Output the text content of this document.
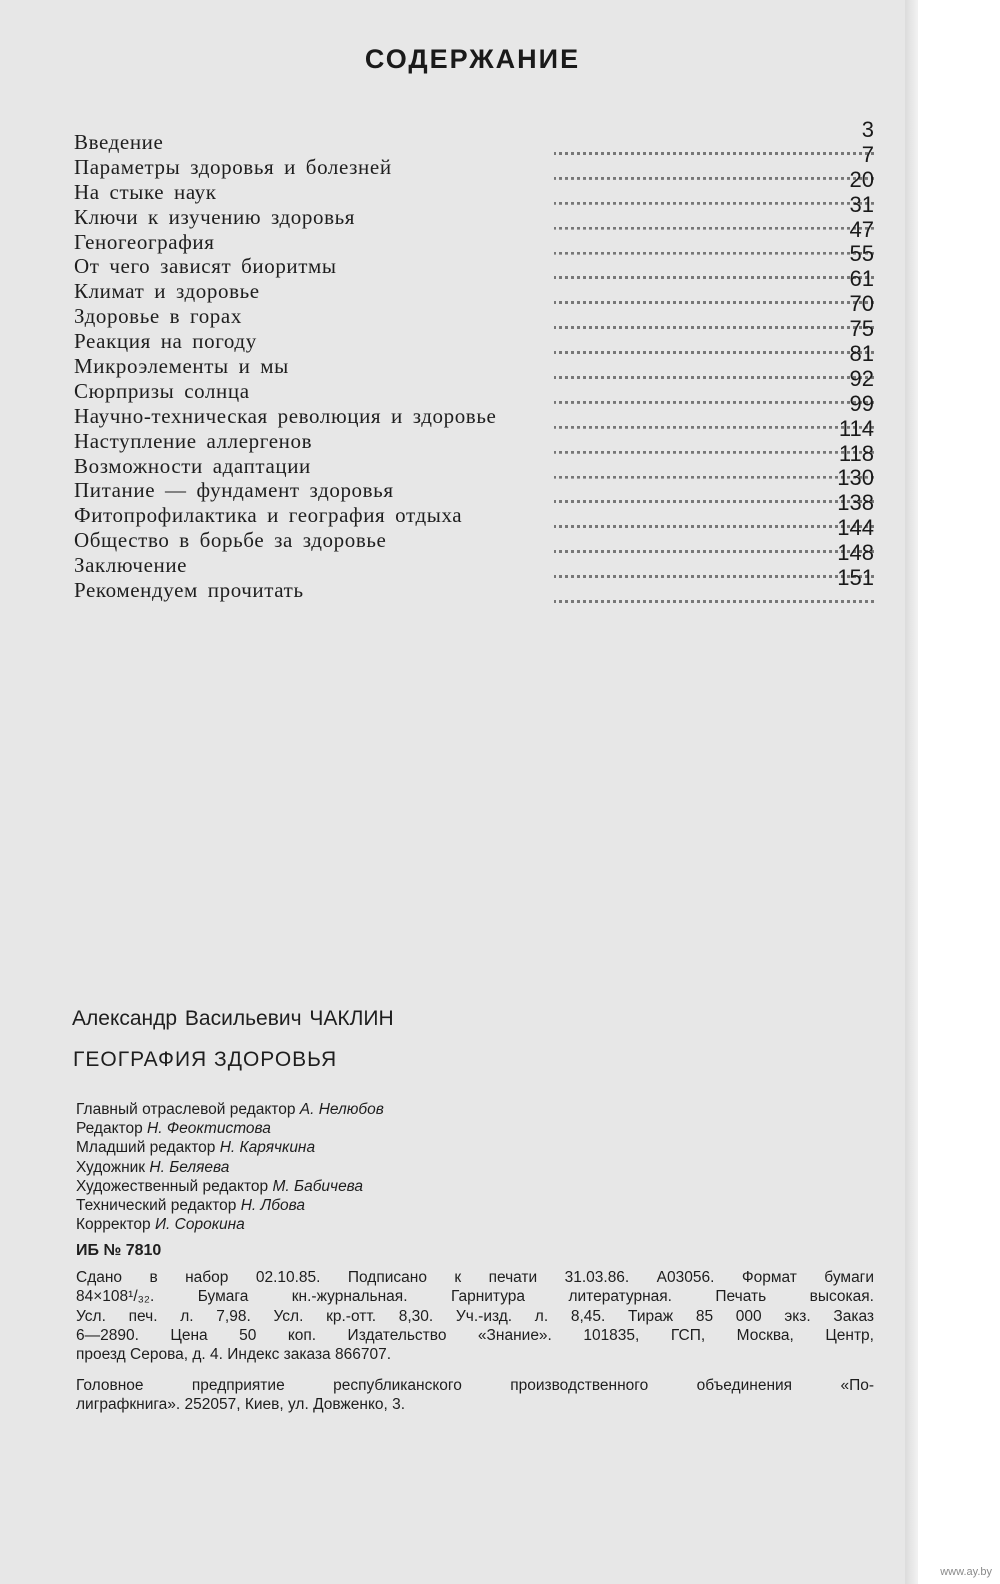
СОДЕРЖАНИЕ
Введение	3
Параметры здоровья и болезней	7
На стыке наук	20
Ключи к изучению здоровья	31
Геногеография	47
От чего зависят биоритмы	55
Климат и здоровье	61
Здоровье в горах	70
Реакция на погоду	75
Микроэлементы и мы	81
Сюрпризы солнца	92
Научно-техническая революция и здоровье	99
Наступление аллергенов	114
Возможности адаптации	118
Питание — фундамент здоровья	130
Фитопрофилактика и география отдыха	138
Общество в борьбе за здоровье	144
Заключение	148
Рекомендуем прочитать	151
Александр Васильевич ЧАКЛИН
ГЕОГРАФИЯ ЗДОРОВЬЯ
Главный отраслевой редактор А. Нелюбов
Редактор Н. Феоктистова
Младший редактор Н. Карячкина
Художник Н. Беляева
Художественный редактор М. Бабичева
Технический редактор Н. Лбова
Корректор И. Сорокина
ИБ № 7810
Сдано в набор 02.10.85. Подписано к печати 31.03.86. А03056. Формат бумаги
84×108¹/₃₂. Бумага кн.-журнальная. Гарнитура литературная. Печать высокая.
Усл. печ. л. 7,98. Усл. кр.-отт. 8,30. Уч.-изд. л. 8,45. Тираж 85 000 экз. Заказ
6—2890. Цена 50 коп. Издательство «Знание». 101835, ГСП, Москва, Центр,
проезд Серова, д. 4. Индекс заказа 866707.
Головное предприятие республиканского производственного объединения «По-
лиграфкнига». 252057, Киев, ул. Довженко, 3.
www.ay.by
